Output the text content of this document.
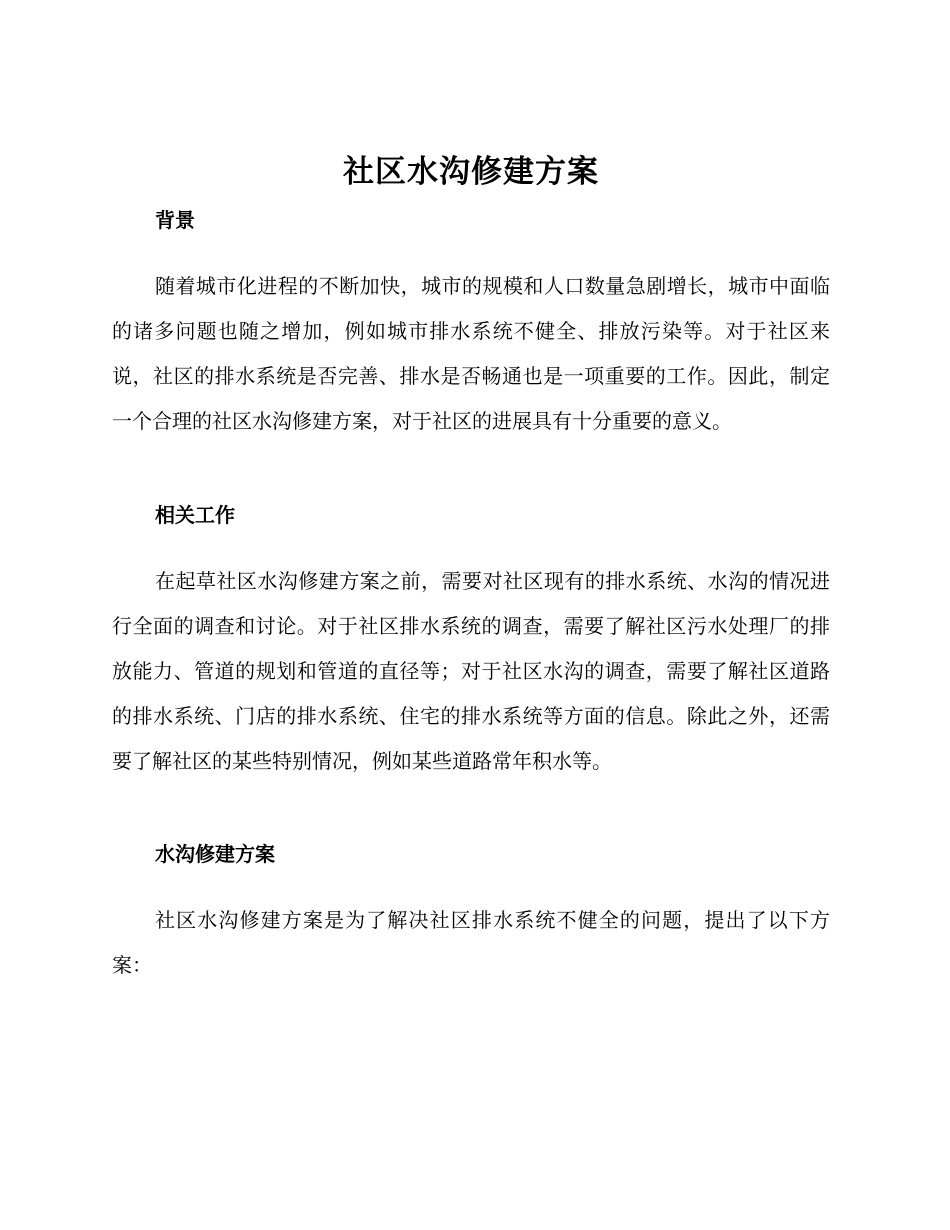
社区水沟修建方案
背景

随着城市化进程的不断加快，城市的规模和人口数量急剧增长，城市中面临的诸多问题也随之增加，例如城市排水系统不健全、排放污染等。对于社区来说，社区的排水系统是否完善、排水是否畅通也是一项重要的工作。因此，制定一个合理的社区水沟修建方案，对于社区的进展具有十分重要的意义。

相关工作

在起草社区水沟修建方案之前，需要对社区现有的排水系统、水沟的情况进行全面的调查和讨论。对于社区排水系统的调查，需要了解社区污水处理厂的排放能力、管道的规划和管道的直径等；对于社区水沟的调查，需要了解社区道路的排水系统、门店的排水系统、住宅的排水系统等方面的信息。除此之外，还需要了解社区的某些特别情况，例如某些道路常年积水等。

水沟修建方案

社区水沟修建方案是为了解决社区排水系统不健全的问题，提出了以下方案：
